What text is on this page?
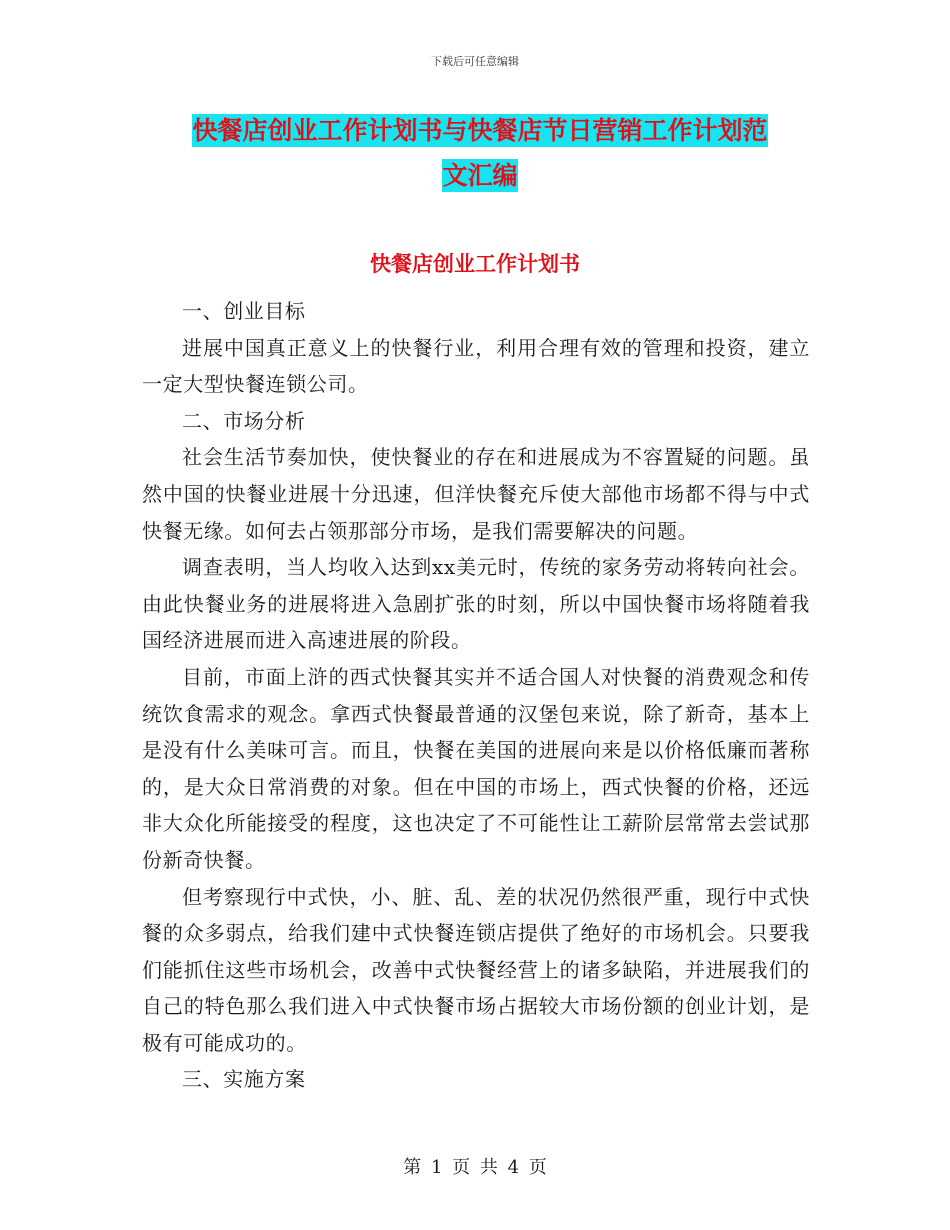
下载后可任意编辑
快餐店创业工作计划书与快餐店节日营销工作计划范
文汇编
快餐店创业工作计划书

一、创业目标

进展中国真正意义上的快餐行业，利用合理有效的管理和投资，建立一定大型快餐连锁公司。

二、市场分析

社会生活节奏加快，使快餐业的存在和进展成为不容置疑的问题。虽然中国的快餐业进展十分迅速，但洋快餐充斥使大部他市场都不得与中式快餐无缘。如何去占领那部分市场，是我们需要解决的问题。

调查表明，当人均收入达到xx美元时，传统的家务劳动将转向社会。由此快餐业务的进展将进入急剧扩张的时刻，所以中国快餐市场将随着我国经济进展而进入高速进展的阶段。

目前，市面上浒的西式快餐其实并不适合国人对快餐的消费观念和传统饮食需求的观念。拿西式快餐最普通的汉堡包来说，除了新奇，基本上是没有什么美味可言。而且，快餐在美国的进展向来是以价格低廉而著称的，是大众日常消费的对象。但在中国的市场上，西式快餐的价格，还远非大众化所能接受的程度，这也决定了不可能性让工薪阶层常常去尝试那份新奇快餐。

但考察现行中式快，小、脏、乱、差的状况仍然很严重，现行中式快餐的众多弱点，给我们建中式快餐连锁店提供了绝好的市场机会。只要我们能抓住这些市场机会，改善中式快餐经营上的诸多缺陷，并进展我们的自己的特色那么我们进入中式快餐市场占据较大市场份额的创业计划，是极有可能成功的。

三、实施方案

第 1 页 共 4 页
